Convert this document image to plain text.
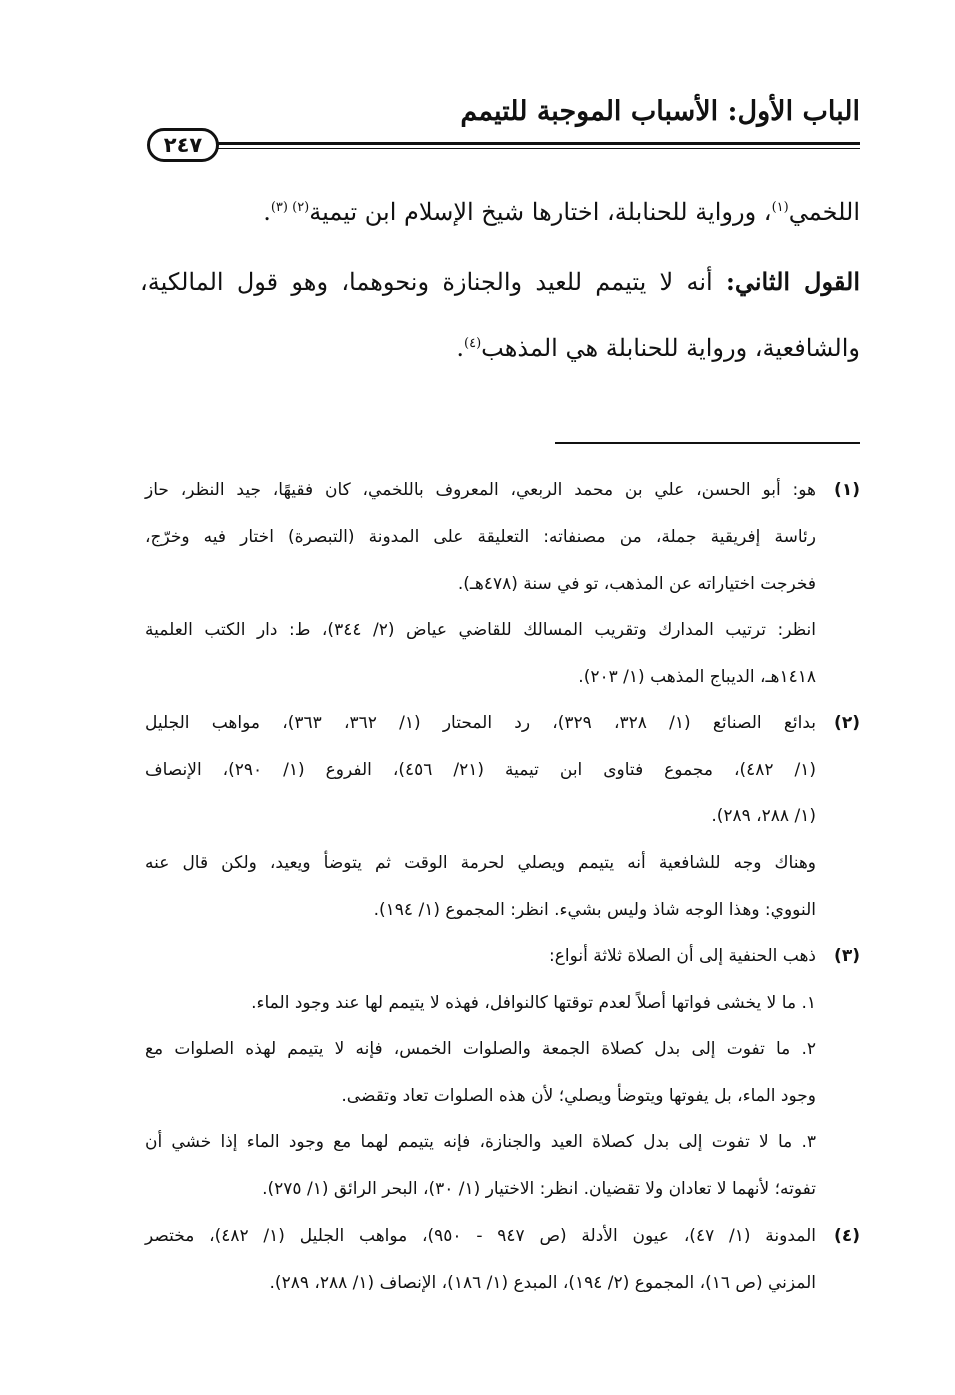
الباب الأول: الأسباب الموجبة للتيمم
٢٤٧
اللخمي$^{(١)}$، ورواية للحنابلة، اختارها شيخ الإسلام ابن تيمية$^{(٢) (٣)}$.
القول الثاني: أنه لا يتيمم للعيد والجنازة ونحوهما، وهو قول المالكية،
والشافعية، ورواية للحنابلة هي المذهب$^{(٤)}$.
(١)
هو: أبو الحسن، علي بن محمد الربعي، المعروف باللخمي، كان فقيهًا، جيد النظر، حاز
رئاسة إفريقية جملة، من مصنفاته: التعليقة على المدونة (التبصرة) اختار فيه وخرّج،
فخرجت اختياراته عن المذهب، تو في سنة (٤٧٨هـ).
انظر: ترتيب المدارك وتقريب المسالك للقاضي عياض (٢/ ٣٤٤)، ط: دار الكتب العلمية
١٤١٨هـ، الديباج المذهب (١/ ٢٠٣).
(٢)
بدائع الصنائع (١/ ٣٢٨، ٣٢٩)، رد المحتار (١/ ٣٦٢، ٣٦٣)، مواهب الجليل
(١/ ٤٨٢)، مجموع فتاوى ابن تيمية (٢١/ ٤٥٦)، الفروع (١/ ٢٩٠)، الإنصاف
(١/ ٢٨٨، ٢٨٩).
وهناك وجه للشافعية أنه يتيمم ويصلي لحرمة الوقت ثم يتوضأ ويعيد، ولكن قال عنه
النووي: وهذا الوجه شاذ وليس بشيء. انظر: المجموع (١/ ١٩٤).
(٣)
ذهب الحنفية إلى أن الصلاة ثلاثة أنواع:
١. ما لا يخشى فواتها أصلاً لعدم توقتها كالنوافل، فهذه لا يتيمم لها عند وجود الماء.
٢. ما تفوت إلى بدل كصلاة الجمعة والصلوات الخمس، فإنه لا يتيمم لهذه الصلوات مع
وجود الماء، بل يفوتها ويتوضأ ويصلي؛ لأن هذه الصلوات تعاد وتقضى.
٣. ما لا تفوت إلى بدل كصلاة العيد والجنازة، فإنه يتيمم لهما مع وجود الماء إذا خشي أن
تفوته؛ لأنهما لا تعادان ولا تقضيان. انظر: الاختيار (١/ ٣٠)، البحر الرائق (١/ ٢٧٥).
(٤)
المدونة (١/ ٤٧)، عيون الأدلة (ص ٩٤٧ - ٩٥٠)، مواهب الجليل (١/ ٤٨٢)، مختصر
المزني (ص ١٦)، المجموع (٢/ ١٩٤)، المبدع (١/ ١٨٦)، الإنصاف (١/ ٢٨٨، ٢٨٩).
